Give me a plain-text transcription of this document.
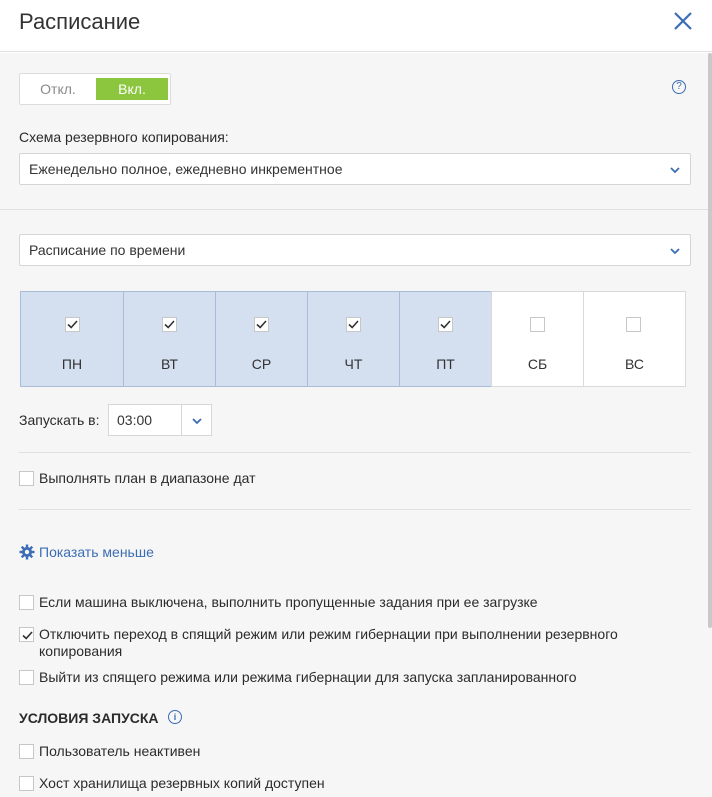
Расписание
Откл.	Вкл.	?
Схема резервного копирования:
Еженедельно полное, ежедневно инкрементное
Расписание по времени
ПН	ВТ	СР	ЧТ	ПТ	СБ	ВС
Запускать в: 03:00
Выполнять план в диапазоне дат
Показать меньше
Если машина выключена, выполнить пропущенные задания при ее загрузке
Отключить переход в спящий режим или режим гибернации при выполнении резервного копирования
Выйти из спящего режима или режима гибернации для запуска запланированного
УСЛОВИЯ ЗАПУСКА	i
Пользователь неактивен
Хост хранилища резервных копий доступен
